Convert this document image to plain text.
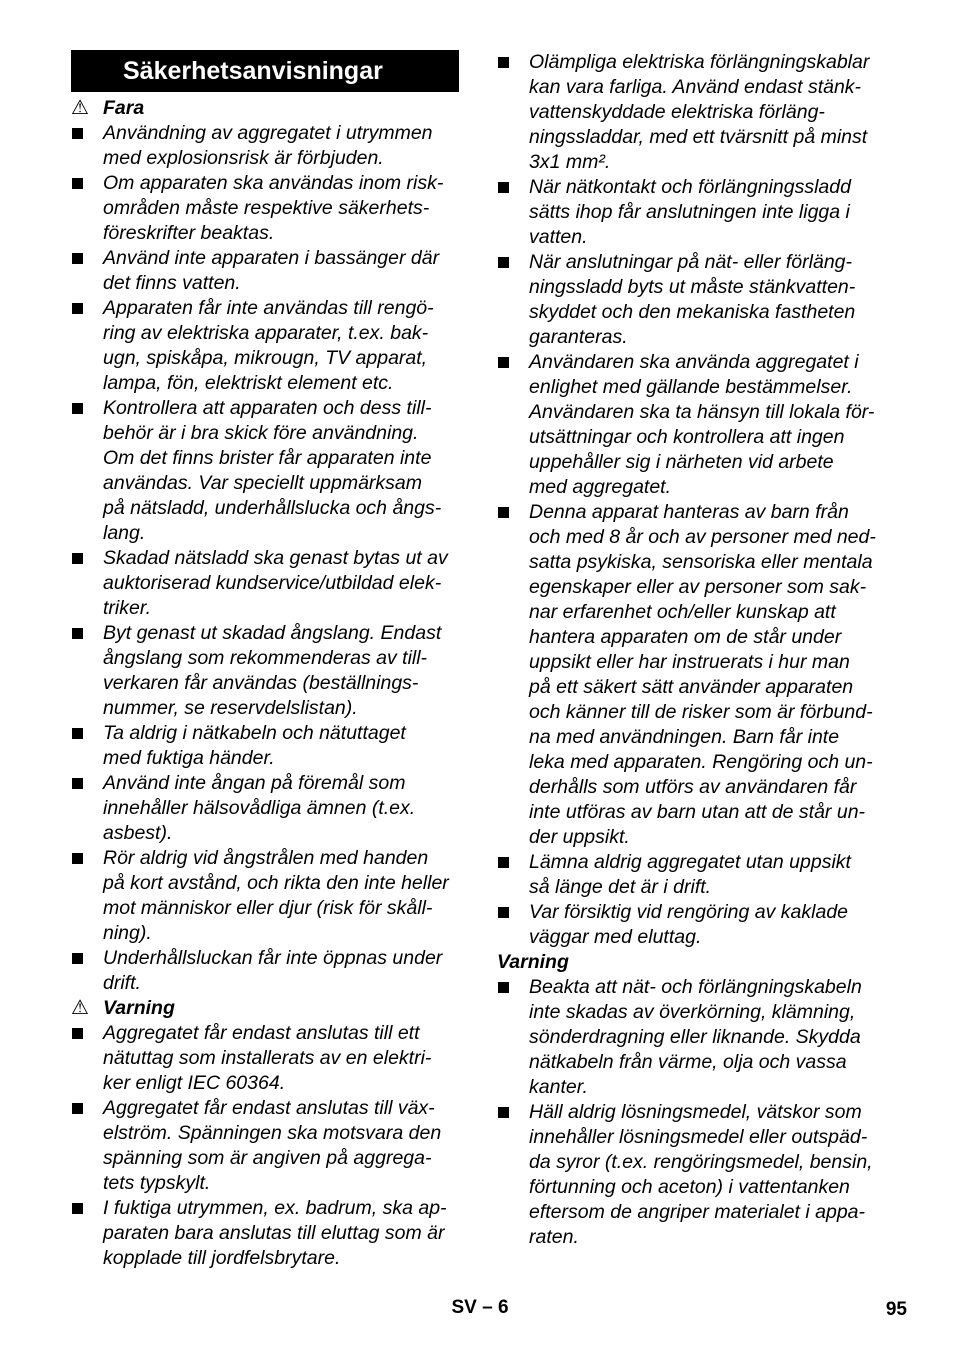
Säkerhetsanvisningar
⚠ Fara
Användning av aggregatet i utrymmen
med explosionsrisk är förbjuden.
Om apparaten ska användas inom risk-
områden måste respektive säkerhets-
föreskrifter beaktas.
Använd inte apparaten i bassänger där
det finns vatten.
Apparaten får inte användas till rengö-
ring av elektriska apparater, t.ex. bak-
ugn, spiskåpa, mikrougn, TV apparat,
lampa, fön, elektriskt element etc.
Kontrollera att apparaten och dess till-
behör är i bra skick före användning.
Om det finns brister får apparaten inte
användas. Var speciellt uppmärksam
på nätsladd, underhållslucka och ångs-
lang.
Skadad nätsladd ska genast bytas ut av
auktoriserad kundservice/utbildad elek-
triker.
Byt genast ut skadad ångslang. Endast
ångslang som rekommenderas av till-
verkaren får användas (beställnings-
nummer, se reservdelslistan).
Ta aldrig i nätkabeln och nätuttaget
med fuktiga händer.
Använd inte ångan på föremål som
innehåller hälsovådliga ämnen (t.ex.
asbest).
Rör aldrig vid ångstrålen med handen
på kort avstånd, och rikta den inte heller
mot människor eller djur (risk för skåll-
ning).
Underhållsluckan får inte öppnas under
drift.
⚠ Varning
Aggregatet får endast anslutas till ett
nätuttag som installerats av en elektri-
ker enligt IEC 60364.
Aggregatet får endast anslutas till väx-
elström. Spänningen ska motsvara den
spänning som är angiven på aggrega-
tets typskylt.
I fuktiga utrymmen, ex. badrum, ska ap-
paraten bara anslutas till eluttag som är
kopplade till jordfelsbrytare.
Olämpliga elektriska förlängningskablar
kan vara farliga. Använd endast stänk-
vattenskyddade elektriska förläng-
ningssladdar, med ett tvärsnitt på minst
3x1 mm².
När nätkontakt och förlängningssladd
sätts ihop får anslutningen inte ligga i
vatten.
När anslutningar på nät- eller förläng-
ningssladd byts ut måste stänkvatten-
skyddet och den mekaniska fastheten
garanteras.
Användaren ska använda aggregatet i
enlighet med gällande bestämmelser.
Användaren ska ta hänsyn till lokala för-
utsättningar och kontrollera att ingen
uppehåller sig i närheten vid arbete
med aggregatet.
Denna apparat hanteras av barn från
och med 8 år och av personer med ned-
satta psykiska, sensoriska eller mentala
egenskaper eller av personer som sak-
nar erfarenhet och/eller kunskap att
hantera apparaten om de står under
uppsikt eller har instruerats i hur man
på ett säkert sätt använder apparaten
och känner till de risker som är förbund-
na med användningen. Barn får inte
leka med apparaten. Rengöring och un-
derhålls som utförs av användaren får
inte utföras av barn utan att de står un-
der uppsikt.
Lämna aldrig aggregatet utan uppsikt
så länge det är i drift.
Var försiktig vid rengöring av kaklade
väggar med eluttag.
Varning
Beakta att nät- och förlängningskabeln
inte skadas av överkörning, klämning,
sönderdragning eller liknande. Skydda
nätkabeln från värme, olja och vassa
kanter.
Häll aldrig lösningsmedel, vätskor som
innehåller lösningsmedel eller outspäd-
da syror (t.ex. rengöringsmedel, bensin,
förtunning och aceton) i vattentanken
eftersom de angriper materialet i appa-
raten.
SV – 6	95
